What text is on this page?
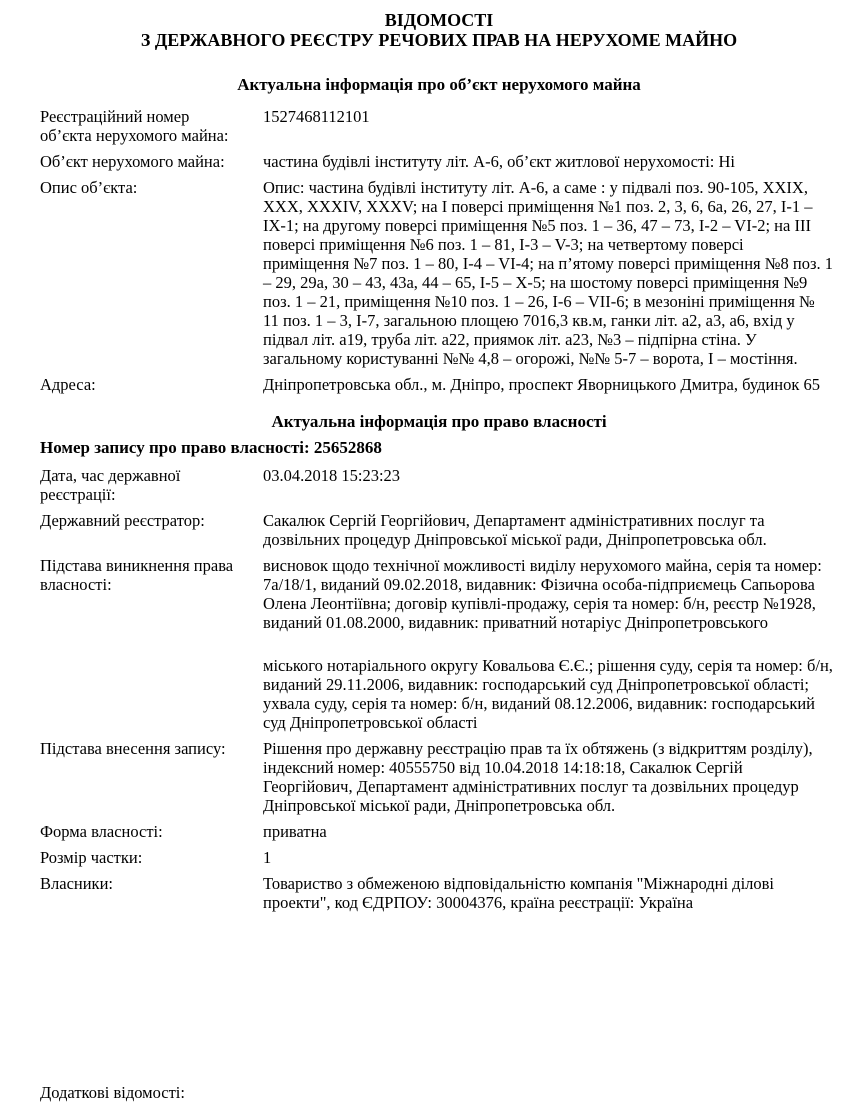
ВІДОМОСТІ
З ДЕРЖАВНОГО РЕЄСТРУ РЕЧОВИХ ПРАВ НА НЕРУХОМЕ МАЙНО
Актуальна інформація про об’єкт нерухомого майна
Реєстраційний номер об’єкта нерухомого майна:
1527468112101
Об’єкт нерухомого майна:	частина будівлі інституту літ. А-6, об’єкт житлової нерухомості: Ні
Опис об’єкта:	Опис: частина будівлі інституту літ. А-6, а саме : у підвалі поз. 90-105, XXIX, XXX, XXXIV, XXXV; на I поверсі приміщення №1 поз. 2, 3, 6, 6а, 26, 27, I-1 – IX-1; на другому поверсі приміщення №5 поз. 1 – 36, 47 – 73, I-2 – VI-2; на III поверсі приміщення №6 поз. 1 – 81, I-3 – V-3; на четвертому поверсі приміщення №7 поз. 1 – 80, I-4 – VI-4; на п’ятому поверсі приміщення №8 поз. 1 – 29, 29а, 30 – 43, 43а, 44 – 65, I-5 – X-5; на шостому поверсі приміщення №9 поз. 1 – 21, приміщення №10 поз. 1 – 26, I-6 – VII-6; в мезоніні приміщення № 11 поз. 1 – 3, I-7, загальною площею 7016,3 кв.м, ганки літ. а2, а3, а6, вхід у підвал літ. а19, труба літ. а22, приямок літ. а23, №3 – підпірна стіна. У загальному користуванні №№ 4,8 – огорожі, №№ 5-7 – ворота, I – мостіння.
Адреса:	Дніпропетровська обл., м. Дніпро, проспект Яворницького Дмитра, будинок 65
Актуальна інформація про право власності
Номер запису про право власності: 25652868
Дата, час державної реєстрації:
03.04.2018 15:23:23
Державний реєстратор:	Сакалюк Сергій Георгійович, Департамент адміністративних послуг та дозвільних процедур Дніпровської міської ради, Дніпропетровська обл.
Підстава виникнення права власності:
висновок щодо технічної можливості виділу нерухомого майна, серія та номер: 7а/18/1, виданий 09.02.2018, видавник: Фізична особа-підприємець Сапьорова Олена Леонтіївна; договір купівлі-продажу, серія та номер: б/н, реєстр №1928, виданий 01.08.2000, видавник: приватний нотаріус Дніпропетровського
міського нотаріального округу Ковальова Є.Є.; рішення суду, серія та номер: б/н, виданий 29.11.2006, видавник: господарський суд Дніпропетровської області; ухвала суду, серія та номер: б/н, виданий 08.12.2006, видавник: господарський суд Дніпропетровської області
Підстава внесення запису:	Рішення про державну реєстрацію прав та їх обтяжень (з відкриттям розділу), індексний номер: 40555750 від 10.04.2018 14:18:18, Сакалюк Сергій Георгійович, Департамент адміністративних послуг та дозвільних процедур Дніпровської міської ради, Дніпропетровська обл.
Форма власності:	приватна
Розмір частки:	1
Власники:	Товариство з обмеженою відповідальністю компанія "Міжнародні ділові проекти", код ЄДРПОУ: 30004376, країна реєстрації: Україна
Додаткові відомості:
